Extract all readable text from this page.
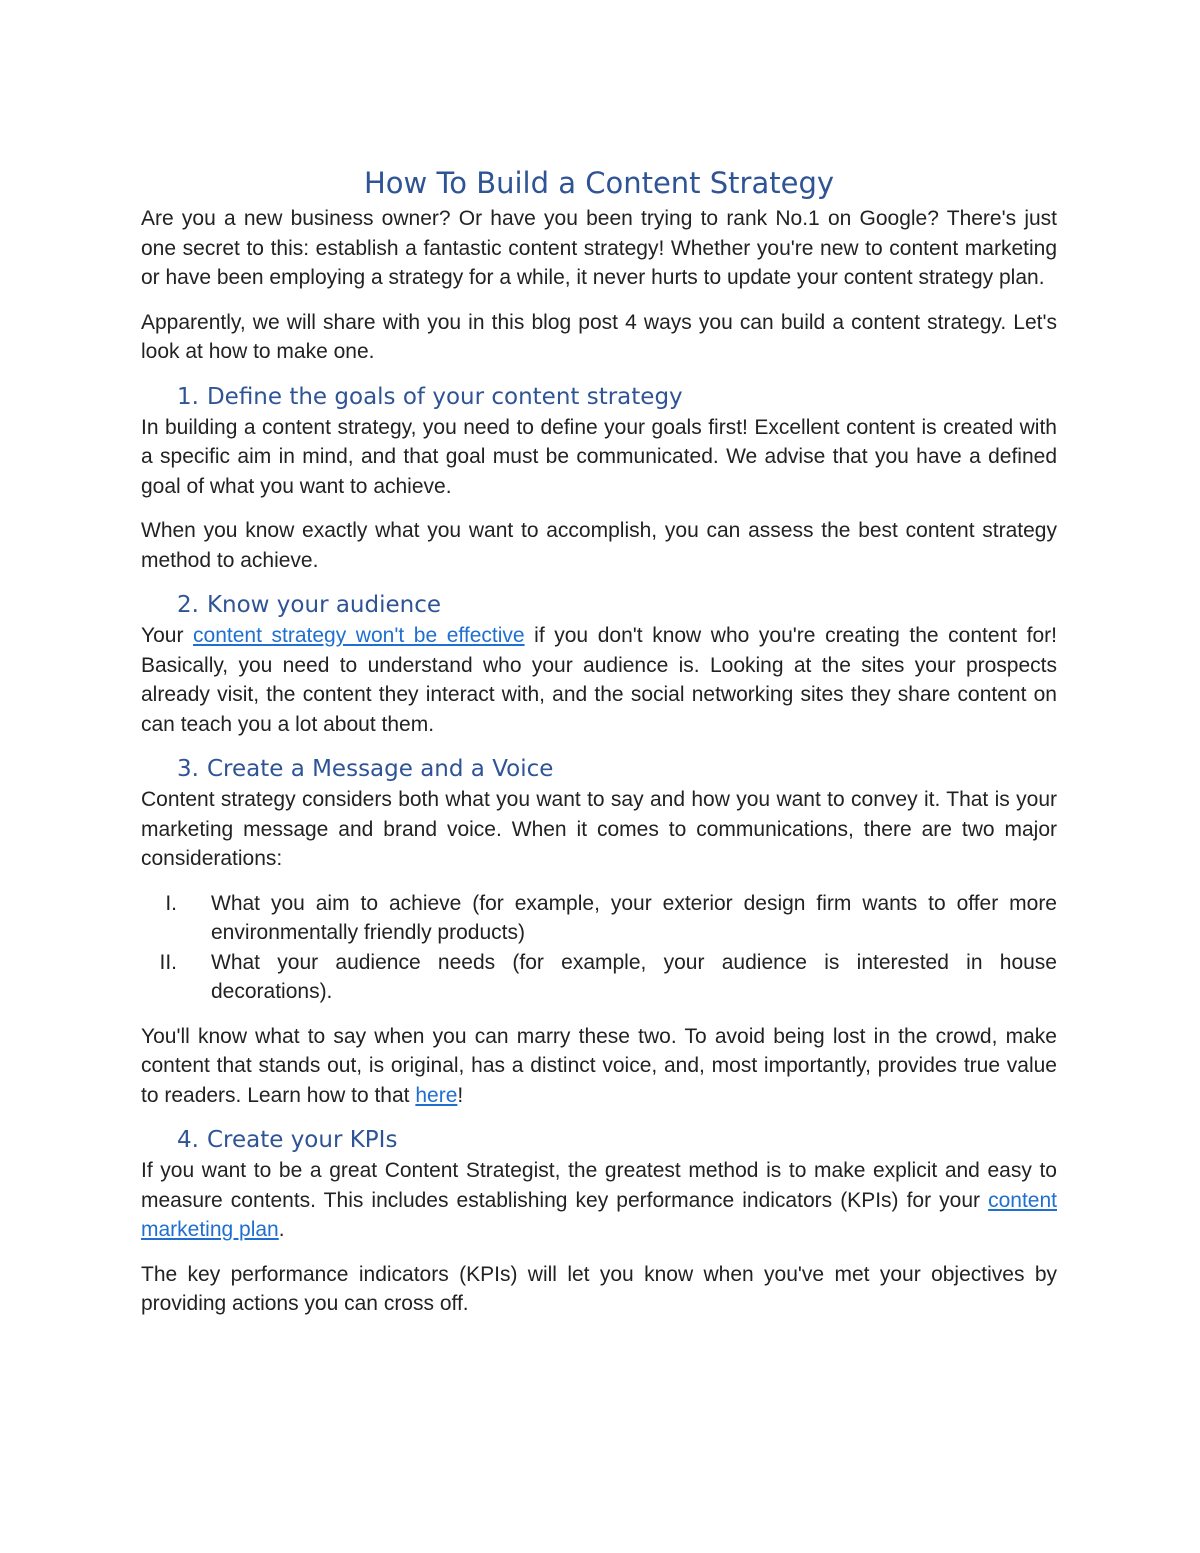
How To Build a Content Strategy

Are you a new business owner? Or have you been trying to rank No.1 on Google? There's just one secret to this: establish a fantastic content strategy! Whether you're new to content marketing or have been employing a strategy for a while, it never hurts to update your content strategy plan.

Apparently, we will share with you in this blog post 4 ways you can build a content strategy. Let's look at how to make one.

1. Define the goals of your content strategy

In building a content strategy, you need to define your goals first! Excellent content is created with a specific aim in mind, and that goal must be communicated. We advise that you have a defined goal of what you want to achieve.

When you know exactly what you want to accomplish, you can assess the best content strategy method to achieve.

2. Know your audience

Your content strategy won't be effective if you don't know who you're creating the content for! Basically, you need to understand who your audience is. Looking at the sites your prospects already visit, the content they interact with, and the social networking sites they share content on can teach you a lot about them.

3. Create a Message and a Voice

Content strategy considers both what you want to say and how you want to convey it. That is your marketing message and brand voice. When it comes to communications, there are two major considerations:

I. What you aim to achieve (for example, your exterior design firm wants to offer more environmentally friendly products)
II. What your audience needs (for example, your audience is interested in house decorations).

You'll know what to say when you can marry these two. To avoid being lost in the crowd, make content that stands out, is original, has a distinct voice, and, most importantly, provides true value to readers. Learn how to that here!

4. Create your KPIs

If you want to be a great Content Strategist, the greatest method is to make explicit and easy to measure contents. This includes establishing key performance indicators (KPIs) for your content marketing plan.

The key performance indicators (KPIs) will let you know when you've met your objectives by providing actions you can cross off.
